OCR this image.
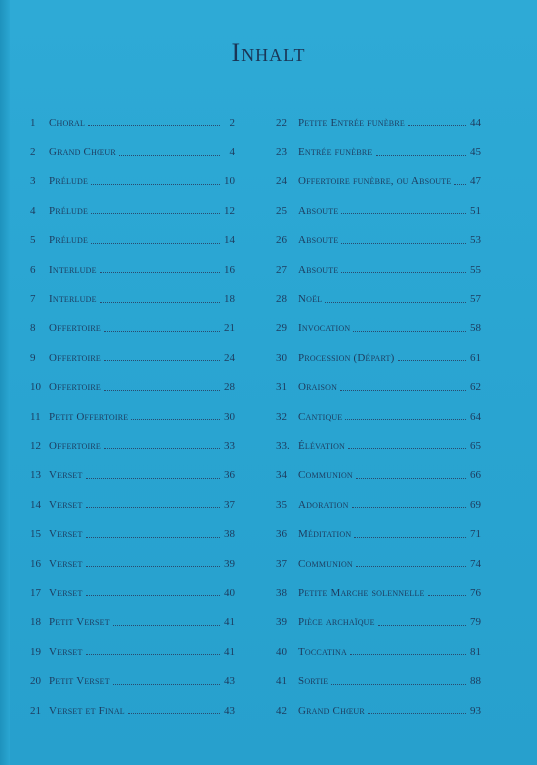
Inhalt
1	Choral	2
2	Grand Chœur	4
3	Prélude	10
4	Prélude	12
5	Prélude	14
6	Interlude	16
7	Interlude	18
8	Offertoire	21
9	Offertoire	24
10 Offertoire	28
11 Petit Offertoire	30
12 Offertoire	33
13 Verset	36
14 Verset	37
15 Verset	38
16 Verset	39
17 Verset	40
18 Petit Verset	41
19 Verset	41
20 Petit Verset	43
21 Verset et Final	43
22	Petite Entrée funèbre	44
23	Entrée funèbre	45
24	Offertoire funèbre, ou Absoute 47
25	Absoute	51
26	Absoute	53
27	Absoute	55
28	Noël	57
29	Invocation	58
30	Procession (Départ)	61
31	Oraison	62
32	Cantique	64
33. Élévation	65
34	Communion	66
35	Adoration	69
36	Méditation	71
37	Communion	74
38	Petite Marche solennelle	76
39	Pièce archaïque	79
40	Toccatina	81
41	Sortie	88
42	Grand Chœur	93
